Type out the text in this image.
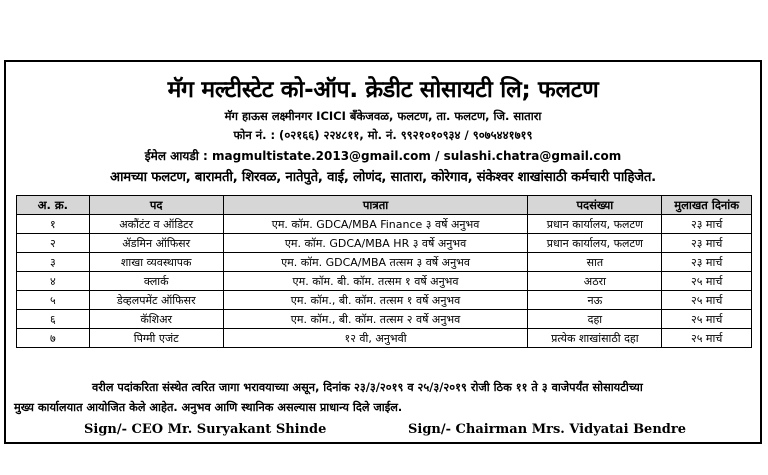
मॅग मल्टीस्टेट को-ऑप. क्रेडीट सोसायटी लि; फलटण
मॅग हाऊस लक्ष्मीनगर ICICI बँकेजवळ, फलटण, ता. फलटण, जि. सातारा
फोन नं. : (०२१६६) २२४८११, मो. नं. ९९२१०१०९३४ / ९०७५४४१७१९
ईमेल आयडी : magmultistate.2013@gmail.com / sulashi.chatra@gmail.com
आमच्या फलटण, बारामती, शिरवळ, नातेपुते, वाई, लोणंद, सातारा, कोरेगाव, संकेश्वर शाखांसाठी कर्मचारी पाहिजेत.
अ. क्र.	पद	पात्रता	पदसंख्या	मुलाखत दिनांक
१	अकौंटंट व ऑडिटर	एम. कॉम. GDCA/MBA Finance ३ वर्षे अनुभव	प्रधान कार्यालय, फलटण	२३ मार्च
२	ॲडमिन ऑफिसर	एम. कॉम. GDCA/MBA HR ३ वर्षे अनुभव	प्रधान कार्यालय, फलटण	२३ मार्च
३	शाखा व्यवस्थापक	एम. कॉम. GDCA/MBA तत्सम ३ वर्षे अनुभव	सात	२३ मार्च
४	क्लार्क	एम. कॉम. बी. कॉम. तत्सम १ वर्षे अनुभव	अठरा	२५ मार्च
५	डेव्हलपमेंट ऑफिसर	एम. कॉम., बी. कॉम. तत्सम १ वर्षे अनुभव	नऊ	२५ मार्च
६	कॅशिअर	एम. कॉम., बी. कॉम. तत्सम २ वर्षे अनुभव	दहा	२५ मार्च
७	पिग्मी एजंट	१२ वी, अनुभवी	प्रत्येक शाखांसाठी दहा	२५ मार्च
वरील पदांकरिता संस्थेत त्वरित जागा भरावयाच्या असून, दिनांक २३/३/२०१९ व २५/३/२०१९ रोजी ठिक ११ ते ३ वाजेपर्यंत सोसायटीच्या
मुख्य कार्यालयात आयोजित केले आहेत. अनुभव आणि स्थानिक असल्यास प्राधान्य दिले जाईल.
Sign/- CEO Mr. Suryakant Shinde	Sign/- Chairman Mrs. Vidyatai Bendre
